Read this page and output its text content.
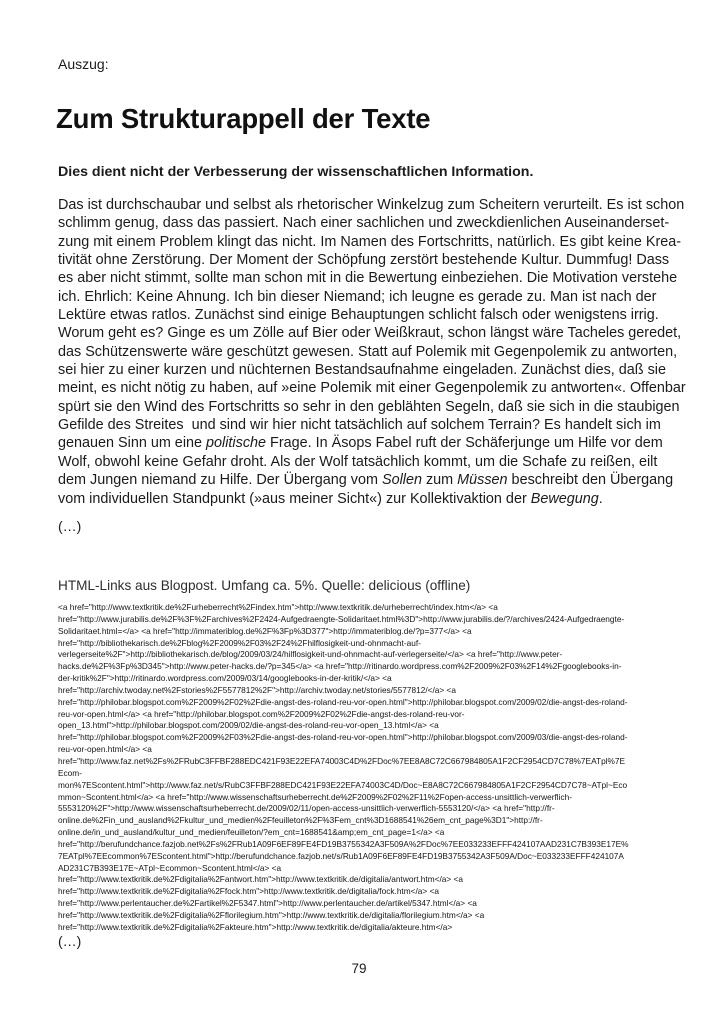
Auszug:
Zum Strukturappell der Texte
Dies dient nicht der Verbesserung der wissenschaftlichen Information.
Das ist durchschaubar und selbst als rhetorischer Winkelzug zum Scheitern verurteilt. Es ist schon
schlimm genug, dass das passiert. Nach einer sachlichen und zweckdienlichen Auseinanderset-
zung mit einem Problem klingt das nicht. Im Namen des Fortschritts, natürlich. Es gibt keine Krea-
tivität ohne Zerstörung. Der Moment der Schöpfung zerstört bestehende Kultur. Dummfug! Dass
es aber nicht stimmt, sollte man schon mit in die Bewertung einbeziehen. Die Motivation verstehe
ich. Ehrlich: Keine Ahnung. Ich bin dieser Niemand; ich leugne es gerade zu. Man ist nach der
Lektüre etwas ratlos. Zunächst sind einige Behauptungen schlicht falsch oder wenigstens irrig.
Worum geht es? Ginge es um Zölle auf Bier oder Weißkraut, schon längst wäre Tacheles geredet,
das Schützenswerte wäre geschützt gewesen. Statt auf Polemik mit Gegenpolemik zu antworten,
sei hier zu einer kurzen und nüchternen Bestandsaufnahme eingeladen. Zunächst dies, daß sie
meint, es nicht nötig zu haben, auf »eine Polemik mit einer Gegenpolemik zu antworten«. Offenbar
spürt sie den Wind des Fortschritts so sehr in den geblähten Segeln, daß sie sich in die staubigen
Gefilde des Streites  und sind wir hier nicht tatsächlich auf solchem Terrain? Es handelt sich im
genauen Sinn um eine politische Frage. In Äsops Fabel ruft der Schäferjunge um Hilfe vor dem
Wolf, obwohl keine Gefahr droht. Als der Wolf tatsächlich kommt, um die Schafe zu reißen, eilt
dem Jungen niemand zu Hilfe. Der Übergang vom Sollen zum Müssen beschreibt den Übergang
vom individuellen Standpunkt (»aus meiner Sicht«) zur Kollektivaktion der Bewegung.
(…)
HTML-Links aus Blogpost. Umfang ca. 5%. Quelle: delicious (offline)
<a href="http://www.textkritik.de%2Furheberrecht%2Findex.htm">http://www.textkritik.de/urheberrecht/index.htm</a> <a
href="http://www.jurabilis.de%2F%3F%2Farchives%2F2424-Aufgedraengte-Solidaritaet.html%3D">http://www.jurabilis.de/?/archives/2424-Aufgedraengte-
Solidaritaet.html=</a> <a href="http://immateriblog.de%2F%3Fp%3D377">http://immateriblog.de/?p=377</a> <a
href="http://bibliothekarisch.de%2Fblog%2F2009%2F03%2F24%2Fhilflosigkeit-und-ohnmacht-auf-
verlegerseite%2F">http://bibliothekarisch.de/blog/2009/03/24/hilflosigkeit-und-ohnmacht-auf-verlegerseite/</a> <a href="http://www.peter-
hacks.de%2F%3Fp%3D345">http://www.peter-hacks.de/?p=345</a> <a href="http://ritinardo.wordpress.com%2F2009%2F03%2F14%2Fgooglebooks-in-
der-kritik%2F">http://ritinardo.wordpress.com/2009/03/14/googlebooks-in-der-kritik/</a> <a
href="http://archiv.twoday.net%2Fstories%2F5577812%2F">http://archiv.twoday.net/stories/5577812/</a> <a
href="http://philobar.blogspot.com%2F2009%2F02%2Fdie-angst-des-roland-reu-vor-open.html">http://philobar.blogspot.com/2009/02/die-angst-des-roland-
reu-vor-open.html</a> <a href="http://philobar.blogspot.com%2F2009%2F02%2Fdie-angst-des-roland-reu-vor-
open_13.html">http://philobar.blogspot.com/2009/02/die-angst-des-roland-reu-vor-open_13.html</a> <a
href="http://philobar.blogspot.com%2F2009%2F03%2Fdie-angst-des-roland-reu-vor-open.html">http://philobar.blogspot.com/2009/03/die-angst-des-roland-
reu-vor-open.html</a> <a
href="http://www.faz.net%2Fs%2FRubC3FFBF288EDC421F93E22EFA74003C4D%2FDoc%7EE8A8C72C667984805A1F2CF2954CD7C78%7EATpl%7E
Ecom-
mon%7EScontent.html">http://www.faz.net/s/RubC3FFBF288EDC421F93E22EFA74003C4D/Doc~E8A8C72C667984805A1F2CF2954CD7C78~ATpl~Eco
mmon~Scontent.html</a> <a href="http://www.wissenschaftsurheberrecht.de%2F2009%2F02%2F11%2Fopen-access-unsittlich-verwerflich-
5553120%2F">http://www.wissenschaftsurheberrecht.de/2009/02/11/open-access-unsittlich-verwerflich-5553120/</a> <a href="http://fr-
online.de%2Fin_und_ausland%2Fkultur_und_medien%2Ffeuilleton%2F%3Fem_cnt%3D1688541%26em_cnt_page%3D1">http://fr-
online.de/in_und_ausland/kultur_und_medien/feuilleton/?em_cnt=1688541&amp;em_cnt_page=1</a> <a
href="http://berufundchance.fazjob.net%2Fs%2FRub1A09F6EF89FE4FD19B3755342A3F509A%2FDoc%7EE033233EFFF424107AAD231C7B393E17E%
7EATpl%7EEcommon%7EScontent.html">http://berufundchance.fazjob.net/s/Rub1A09F6EF89FE4FD19B3755342A3F509A/Doc~E033233EFFF424107A
AD231C7B393E17E~ATpl~Ecommon~Scontent.html</a> <a
href="http://www.textkritik.de%2Fdigitalia%2Fantwort.htm">http://www.textkritik.de/digitalia/antwort.htm</a> <a
href="http://www.textkritik.de%2Fdigitalia%2Ffock.htm">http://www.textkritik.de/digitalia/fock.htm</a> <a
href="http://www.perlentaucher.de%2Fartikel%2F5347.html">http://www.perlentaucher.de/artikel/5347.html</a> <a
href="http://www.textkritik.de%2Fdigitalia%2Fflorilegium.htm">http://www.textkritik.de/digitalia/florilegium.htm</a> <a
href="http://www.textkritik.de%2Fdigitalia%2Fakteure.htm">http://www.textkritik.de/digitalia/akteure.htm</a>
(…)
79
